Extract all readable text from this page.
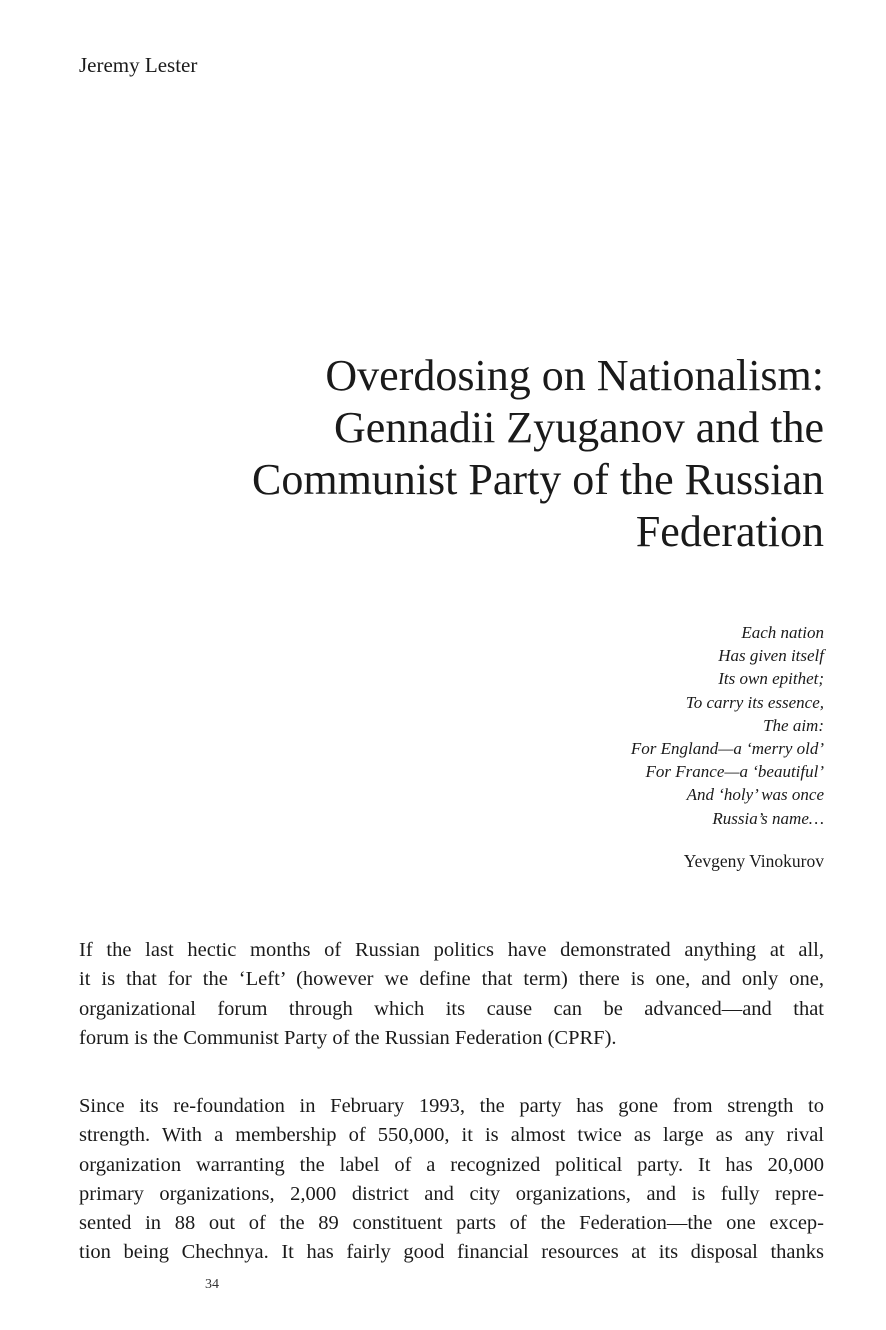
Jeremy Lester
Overdosing on Nationalism:
Gennadii Zyuganov and the
Communist Party of the Russian
Federation
Each nation
Has given itself
Its own epithet;
To carry its essence,
The aim:
For England—a ‘merry old’
For France—a ‘beautiful’
And ‘holy’ was once
Russia’s name…
Yevgeny Vinokurov
If the last hectic months of Russian politics have demonstrated anything at all,
it is that for the ‘Left’ (however we define that term) there is one, and only one,
organizational forum through which its cause can be advanced—and that
forum is the Communist Party of the Russian Federation (CPRF).
Since its re-foundation in February 1993, the party has gone from strength to
strength. With a membership of 550,000, it is almost twice as large as any rival
organization warranting the label of a recognized political party. It has 20,000
primary organizations, 2,000 district and city organizations, and is fully repre-
sented in 88 out of the 89 constituent parts of the Federation—the one excep-
tion being Chechnya. It has fairly good financial resources at its disposal thanks
34
